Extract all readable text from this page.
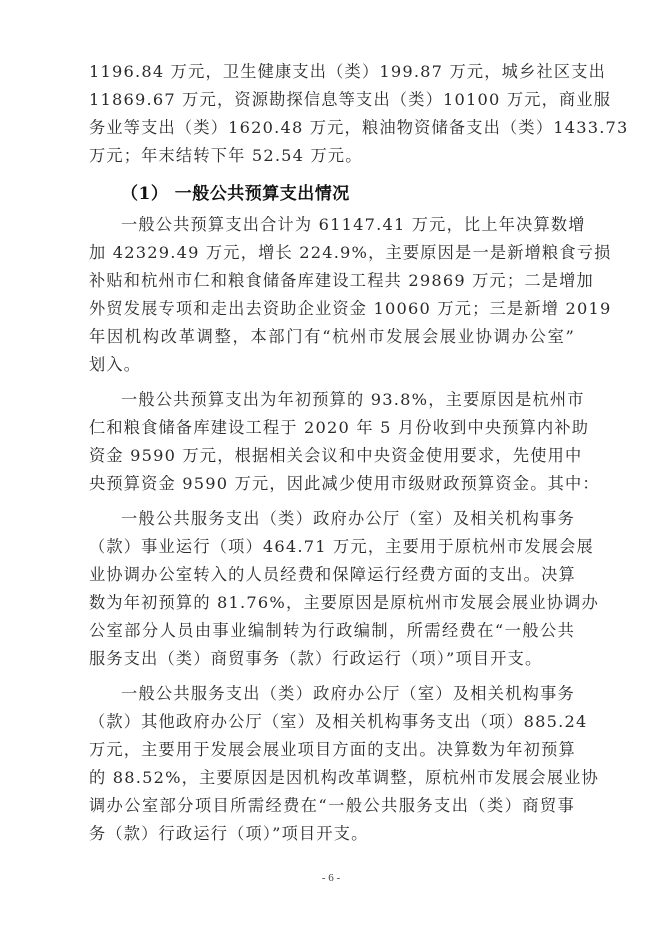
1196.84 万元，卫生健康支出（类）199.87 万元，城乡社区支出
11869.67 万元，资源勘探信息等支出（类）10100 万元，商业服
务业等支出（类）1620.48 万元，粮油物资储备支出（类）1433.73
万元；年末结转下年 52.54 万元。
（1） 一般公共预算支出情况
一般公共预算支出合计为 61147.41 万元，比上年决算数增
加 42329.49 万元，增长 224.9%，主要原因是一是新增粮食亏损
补贴和杭州市仁和粮食储备库建设工程共 29869 万元；二是增加
外贸发展专项和走出去资助企业资金 10060 万元；三是新增 2019
年因机构改革调整，本部门有“杭州市发展会展业协调办公室”
划入。
一般公共预算支出为年初预算的 93.8%，主要原因是杭州市
仁和粮食储备库建设工程于 2020 年 5 月份收到中央预算内补助
资金 9590 万元，根据相关会议和中央资金使用要求，先使用中
央预算资金 9590 万元，因此减少使用市级财政预算资金。其中：
一般公共服务支出（类）政府办公厅（室）及相关机构事务
（款）事业运行（项）464.71 万元，主要用于原杭州市发展会展
业协调办公室转入的人员经费和保障运行经费方面的支出。决算
数为年初预算的 81.76%，主要原因是原杭州市发展会展业协调办
公室部分人员由事业编制转为行政编制，所需经费在“一般公共
服务支出（类）商贸事务（款）行政运行（项）”项目开支。
一般公共服务支出（类）政府办公厅（室）及相关机构事务
（款）其他政府办公厅（室）及相关机构事务支出（项）885.24
万元，主要用于发展会展业项目方面的支出。决算数为年初预算
的 88.52%，主要原因是因机构改革调整，原杭州市发展会展业协
调办公室部分项目所需经费在“一般公共服务支出（类）商贸事
务（款）行政运行（项）”项目开支。
- 6 -
